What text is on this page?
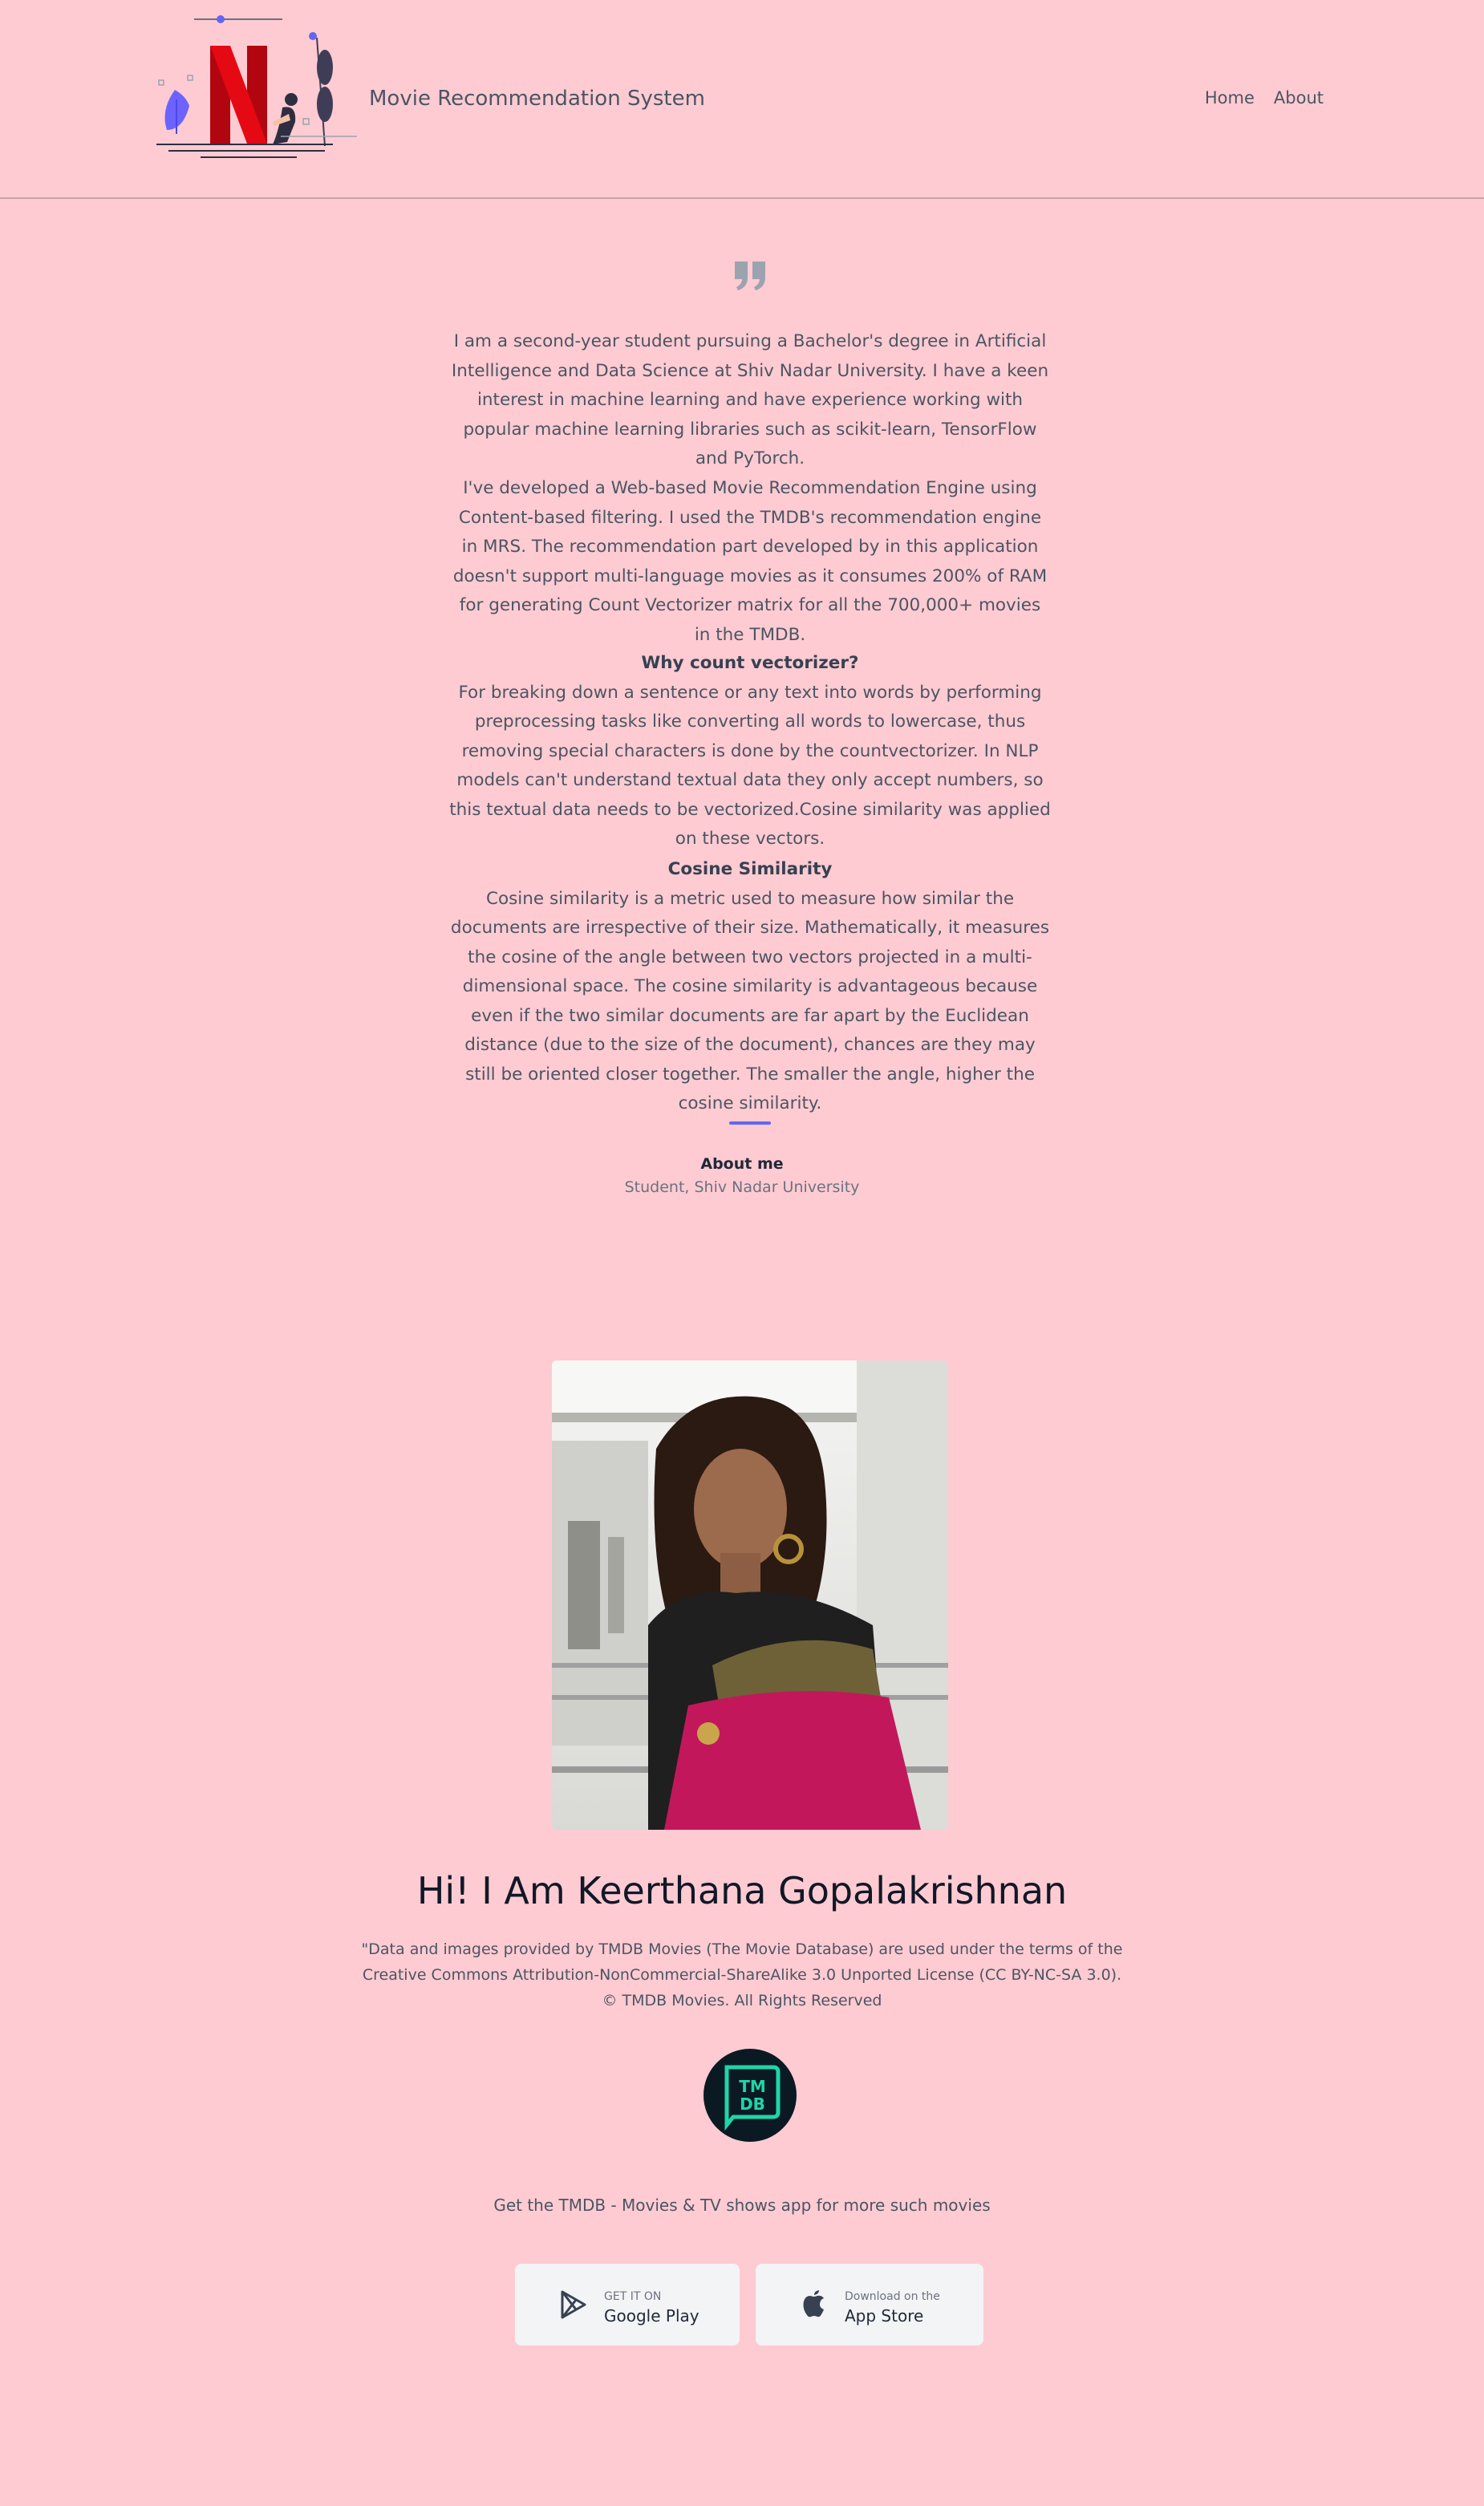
Movie Recommendation System	Home About

I am a second-year student pursuing a Bachelor's degree in Artificial Intelligence and Data Science at Shiv Nadar University. I have a keen interest in machine learning and have experience working with popular machine learning libraries such as scikit-learn, TensorFlow and PyTorch.

I've developed a Web-based Movie Recommendation Engine using Content-based filtering. I used the TMDB's recommendation engine in MRS. The recommendation part developed by in this application doesn't support multi-language movies as it consumes 200% of RAM for generating Count Vectorizer matrix for all the 700,000+ movies in the TMDB.

Why count vectorizer?

For breaking down a sentence or any text into words by performing preprocessing tasks like converting all words to lowercase, thus removing special characters is done by the countvectorizer. In NLP models can't understand textual data they only accept numbers, so this textual data needs to be vectorized.Cosine similarity was applied on these vectors.

Cosine Similarity

Cosine similarity is a metric used to measure how similar the documents are irrespective of their size. Mathematically, it measures the cosine of the angle between two vectors projected in a multi-dimensional space. The cosine similarity is advantageous because even if the two similar documents are far apart by the Euclidean distance (due to the size of the document), chances are they may still be oriented closer together. The smaller the angle, higher the cosine similarity.

About me
Student, Shiv Nadar University
Hi! I Am Keerthana Gopalakrishnan
"Data and images provided by TMDB Movies (The Movie Database) are used under the terms of the Creative Commons Attribution-NonCommercial-ShareAlike 3.0 Unported License (CC BY-NC-SA 3.0). © TMDB Movies. All Rights Reserved
TM
DB
Get the TMDB - Movies & TV shows app for more such movies
GET IT ON
Google Play
Download on the
App Store
